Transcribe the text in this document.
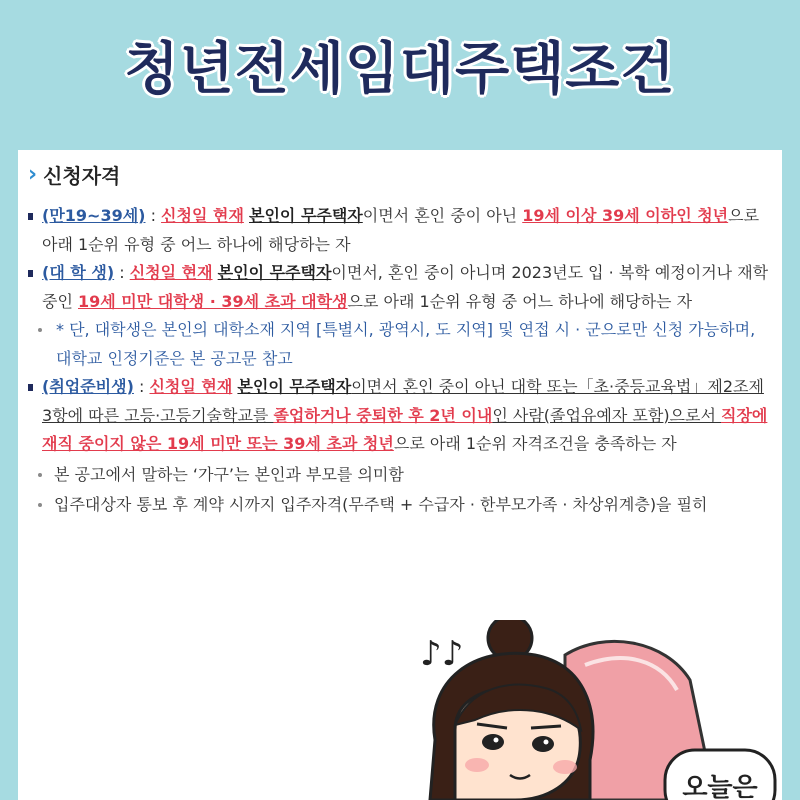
청년전세임대주택조건
› 신청자격

(만19~39세) : 신청일 현재 본인이 무주택자이면서 혼인 중이 아닌 19세 이상 39세 이하인 청년으로 아래 1순위 유형 중 어느 하나에 해당하는 자

(대 학 생) : 신청일 현재 본인이 무주택자이면서, 혼인 중이 아니며 2023년도 입 · 복학 예정이거나 재학 중인 19세 미만 대학생 · 39세 초과 대학생으로 아래 1순위 유형 중 어느 하나에 해당하는 자

* 단, 대학생은 본인의 대학소재 지역 [특별시, 광역시, 도 지역] 및 연접 시 · 군으로만 신청 가능하며, 대학교 인정기준은 본 공고문 참고

(취업준비생) : 신청일 현재 본인이 무주택자이면서 혼인 중이 아닌 대학 또는「초·중등교육법」제2조제3항에 따른 고등·고등기술학교를 졸업하거나 중퇴한 후 2년 이내인 사람(졸업유예자 포함)으로서 직장에 재직 중이지 않은 19세 미만 또는 39세 초과 청년으로 아래 1순위 자격조건을 충족하는 자

본 공고에서 말하는 ‘가구’는 본인과 부모를 의미함

입주대상자 통보 후 계약 시까지 입주자격(무주택 + 수급자 · 한부모가족 · 차상위계층)을 필히

♪♪
오늘은
